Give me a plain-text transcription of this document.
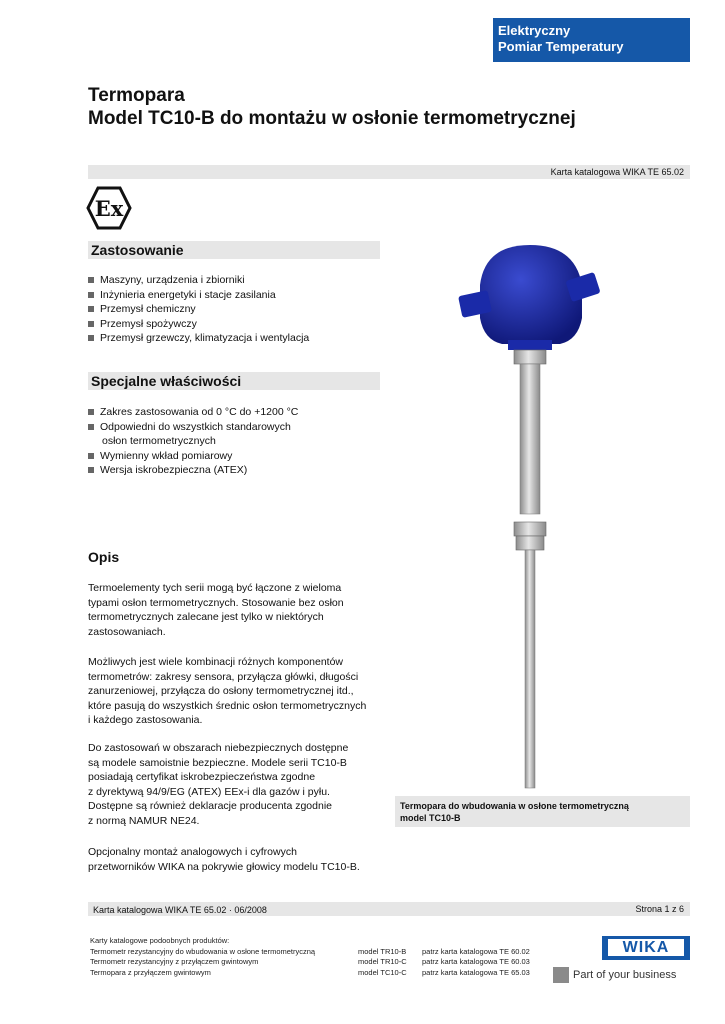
Elektryczny
Pomiar Temperatury
Termopara
Model TC10-B do montażu w osłonie termometrycznej
Karta katalogowa WIKA TE 65.02
Ex
Zastosowanie
Maszyny, urządzenia i zbiorniki
Inżynieria energetyki i stacje zasilania
Przemysł chemiczny
Przemysł spożywczy
Przemysł grzewczy, klimatyzacja i wentylacja
Specjalne właściwości
Zakres zastosowania od 0 °C do +1200 °C
Odpowiedni do wszystkich standarowych
osłon termometrycznych
Wymienny wkład pomiarowy
Wersja iskrobezpieczna (ATEX)
Opis
Termoelementy tych serii mogą być łączone z wieloma
typami osłon termometrycznych. Stosowanie bez osłon
termometrycznych zalecane jest tylko w niektórych
zastosowaniach.
Możliwych jest wiele kombinacji różnych komponentów
termometrów: zakresy sensora, przyłącza główki, długości
zanurzeniowej, przyłącza do osłony termometrycznej itd.,
które pasują do wszystkich średnic osłon termometrycznych
i każdego zastosowania.
Do zastosowań w obszarach niebezpiecznych dostępne
są modele samoistnie bezpieczne. Modele serii TC10-B
posiadają certyfikat iskrobezpieczeństwa zgodne
z dyrektywą 94/9/EG (ATEX) EEx-i dla gazów i pyłu.
Dostępne są również deklaracje producenta zgodnie
z normą NAMUR NE24.
Opcjonalny montaż analogowych i cyfrowych
przetworników WIKA na pokrywie głowicy modelu TC10-B.
Termopara do wbudowania w osłone termometryczną
model TC10-B
Karta katalogowa WIKA TE 65.02 · 06/2008	Strona 1 z 6
Karty katalogowe podoobnych produktów:
Termometr rezystancyjny do wbudowania w osłone termometryczną	model TR10-B	patrz karta katalogowa TE 60.02
Termometr rezystancyjny z przyłączem gwintowym	model TR10-C	patrz karta katalogowa TE 60.03
Termopara z przyłączem gwintowym	model TC10-C	patrz karta katalogowa TE 65.03
WIKA
Part of your business
